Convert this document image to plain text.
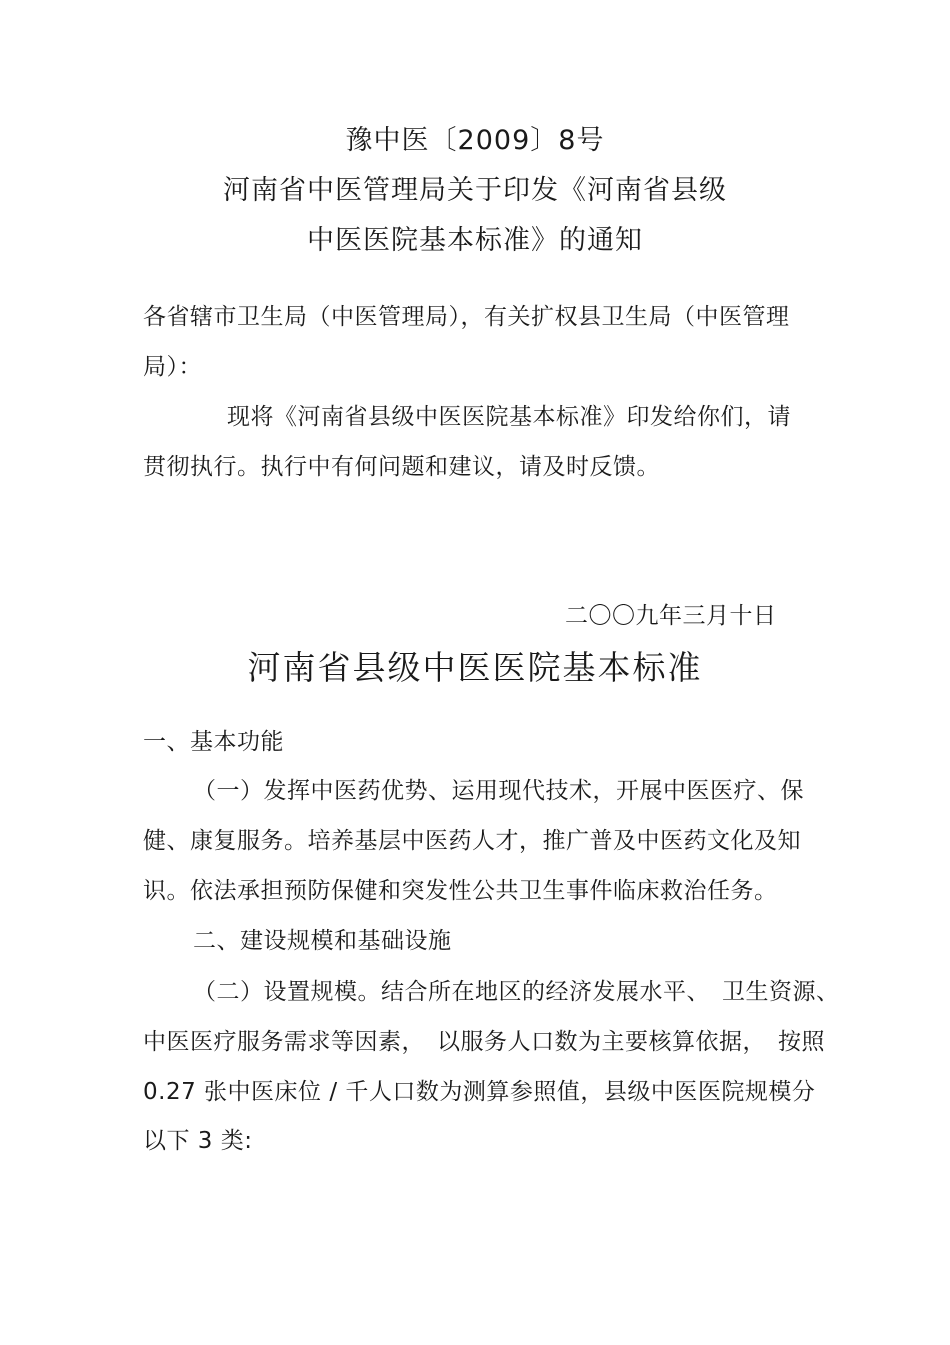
豫中医〔2009〕8号
河南省中医管理局关于印发《河南省县级
中医医院基本标准》的通知
各省辖市卫生局（中医管理局），有关扩权县卫生局（中医管理
局）：
现将《河南省县级中医医院基本标准》印发给你们，请
贯彻执行。执行中有何问题和建议，请及时反馈。
二〇〇九年三月十日
河南省县级中医医院基本标准
一、基本功能
（一）发挥中医药优势、运用现代技术，开展中医医疗、保
健、康复服务。培养基层中医药人才，推广普及中医药文化及知
识。依法承担预防保健和突发性公共卫生事件临床救治任务。
二、建设规模和基础设施
（二）设置规模。结合所在地区的经济发展水平、　卫生资源、
中医医疗服务需求等因素，　以服务人口数为主要核算依据，　按照
0.27 张中医床位 / 千人口数为测算参照值，县级中医医院规模分
以下 3 类:
